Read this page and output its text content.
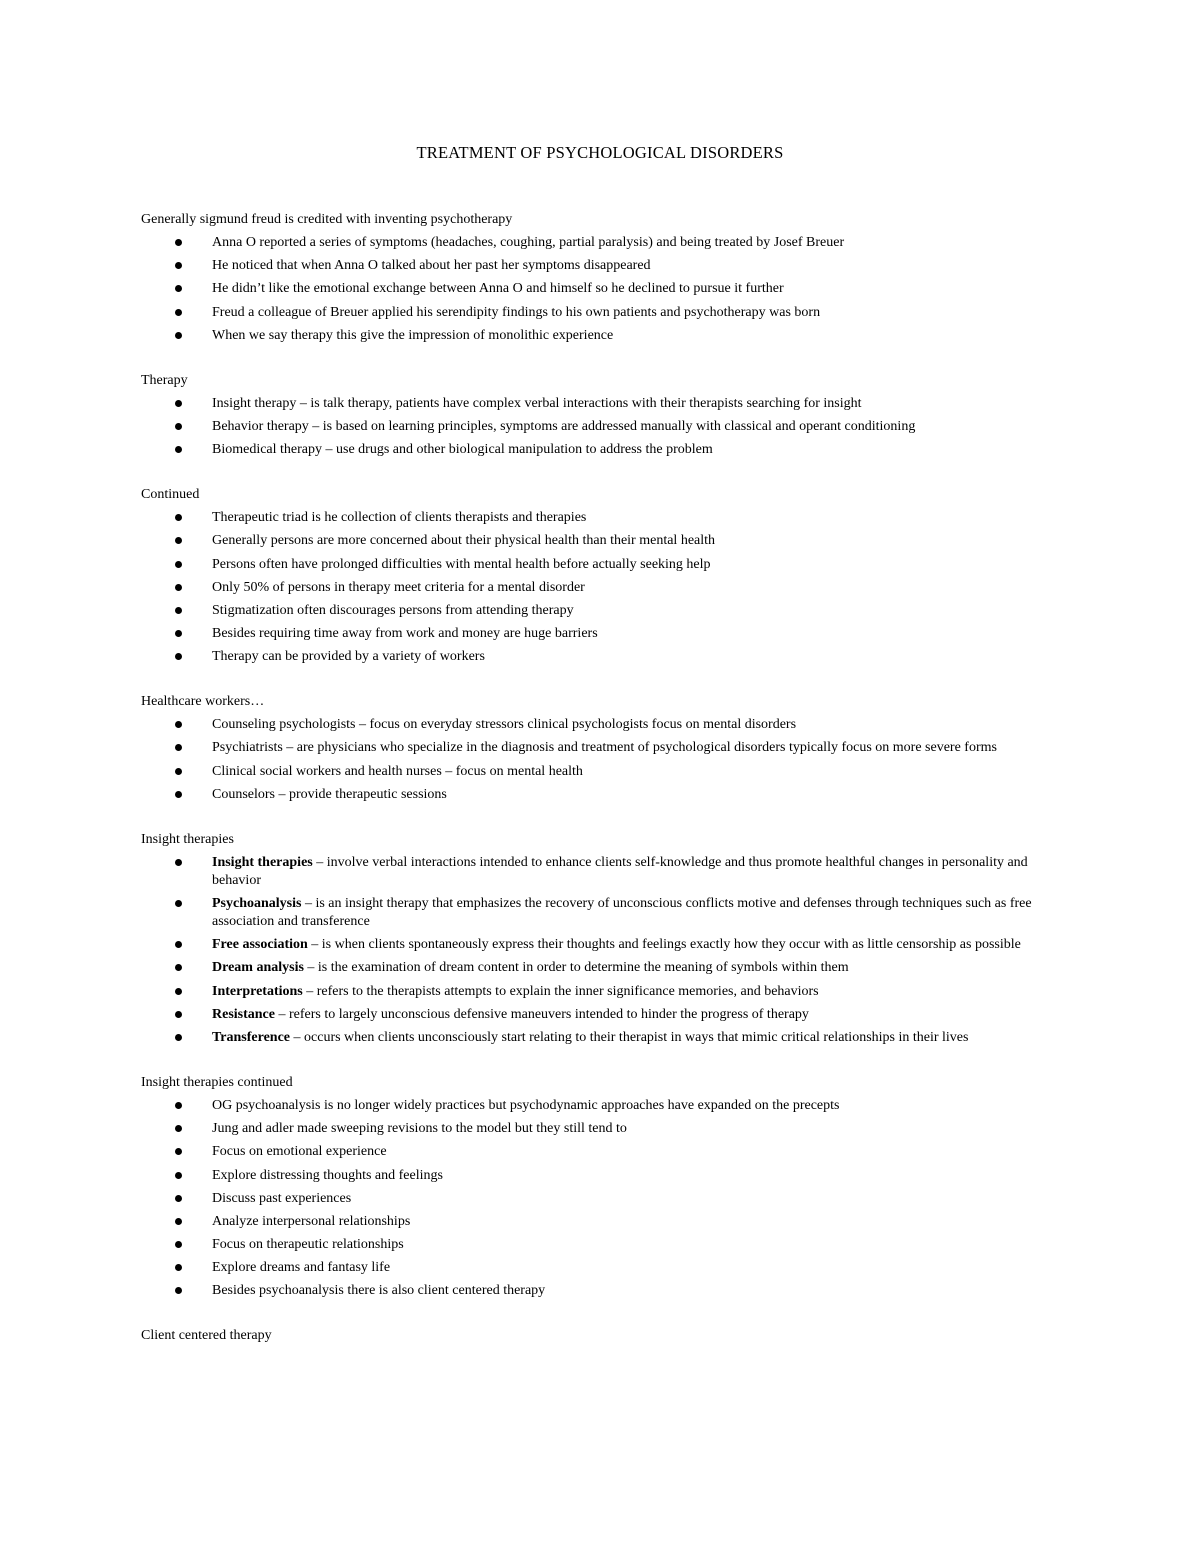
TREATMENT OF PSYCHOLOGICAL DISORDERS

Generally sigmund freud is credited with inventing psychotherapy

Anna O reported a series of symptoms (headaches, coughing, partial paralysis) and being treated by Josef Breuer
He noticed that when Anna O talked about her past her symptoms disappeared
He didn’t like the emotional exchange between Anna O and himself so he declined to pursue it further
Freud a colleague of Breuer applied his serendipity findings to his own patients and psychotherapy was born
When we say therapy this give the impression of monolithic experience

Therapy

Insight therapy – is talk therapy, patients have complex verbal interactions with their therapists searching for insight
Behavior therapy – is based on learning principles, symptoms are addressed manually with classical and operant conditioning
Biomedical therapy – use drugs and other biological manipulation to address the problem

Continued

Therapeutic triad is he collection of clients therapists and therapies
Generally persons are more concerned about their physical health than their mental health
Persons often have prolonged difficulties with mental health before actually seeking help
Only 50% of persons in therapy meet criteria for a mental disorder
Stigmatization often discourages persons from attending therapy
Besides requiring time away from work and money are huge barriers
Therapy can be provided by a variety of workers

Healthcare workers…

Counseling psychologists – focus on everyday stressors clinical psychologists focus on mental disorders
Psychiatrists – are physicians who specialize in the diagnosis and treatment of psychological disorders typically focus on more severe forms
Clinical social workers and health nurses – focus on mental health
Counselors – provide therapeutic sessions

Insight therapies

Insight therapies – involve verbal interactions intended to enhance clients self-knowledge and thus promote healthful changes in personality and behavior
Psychoanalysis – is an insight therapy that emphasizes the recovery of unconscious conflicts motive and defenses through techniques such as free association and transference
Free association – is when clients spontaneously express their thoughts and feelings exactly how they occur with as little censorship as possible
Dream analysis – is the examination of dream content in order to determine the meaning of symbols within them
Interpretations – refers to the therapists attempts to explain the inner significance memories, and behaviors
Resistance – refers to largely unconscious defensive maneuvers intended to hinder the progress of therapy
Transference – occurs when clients unconsciously start relating to their therapist in ways that mimic critical relationships in their lives

Insight therapies continued

OG psychoanalysis is no longer widely practices but psychodynamic approaches have expanded on the precepts
Jung and adler made sweeping revisions to the model but they still tend to
Focus on emotional experience
Explore distressing thoughts and feelings
Discuss past experiences
Analyze interpersonal relationships
Focus on therapeutic relationships
Explore dreams and fantasy life
Besides psychoanalysis there is also client centered therapy

Client centered therapy
